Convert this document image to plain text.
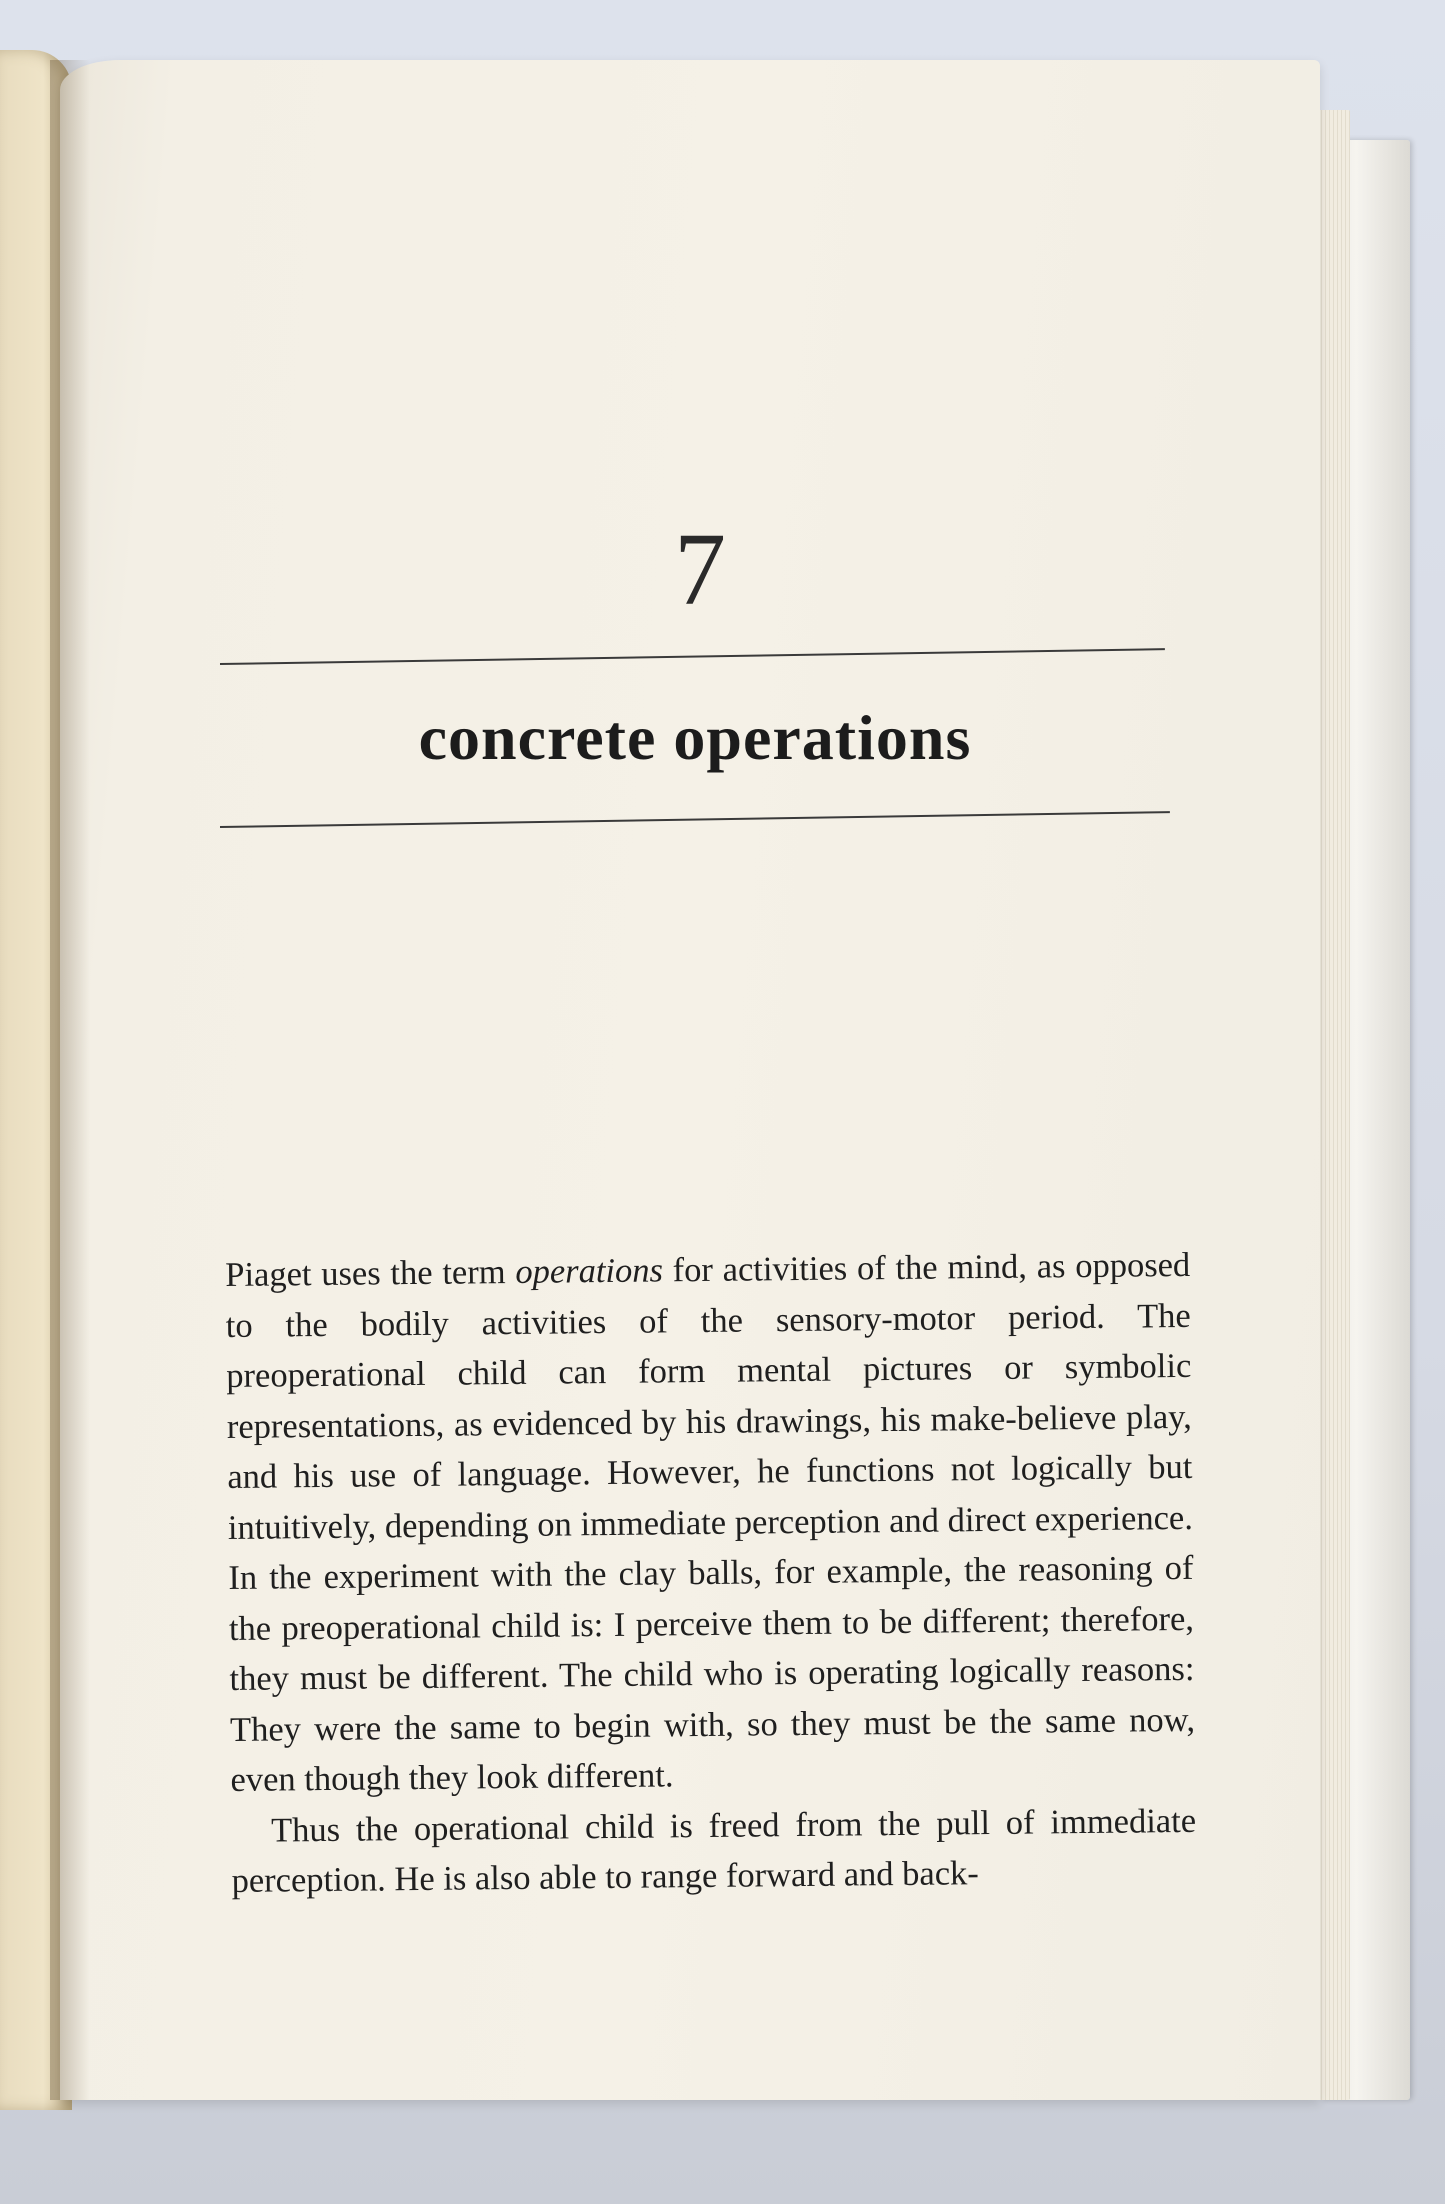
7
concrete operations

Piaget uses the term operations for activities of the mind, as opposed to the bodily activities of the sensory-motor period. The preoperational child can form mental pictures or symbolic representations, as evidenced by his drawings, his make-believe play, and his use of language. However, he functions not logically but intuitively, depending on immediate perception and direct experience. In the experiment with the clay balls, for example, the reasoning of the preoperational child is: I perceive them to be different; therefore, they must be different. The child who is operating logically reasons: They were the same to begin with, so they must be the same now, even though they look different.

Thus the operational child is freed from the pull of immediate perception. He is also able to range forward and back-
